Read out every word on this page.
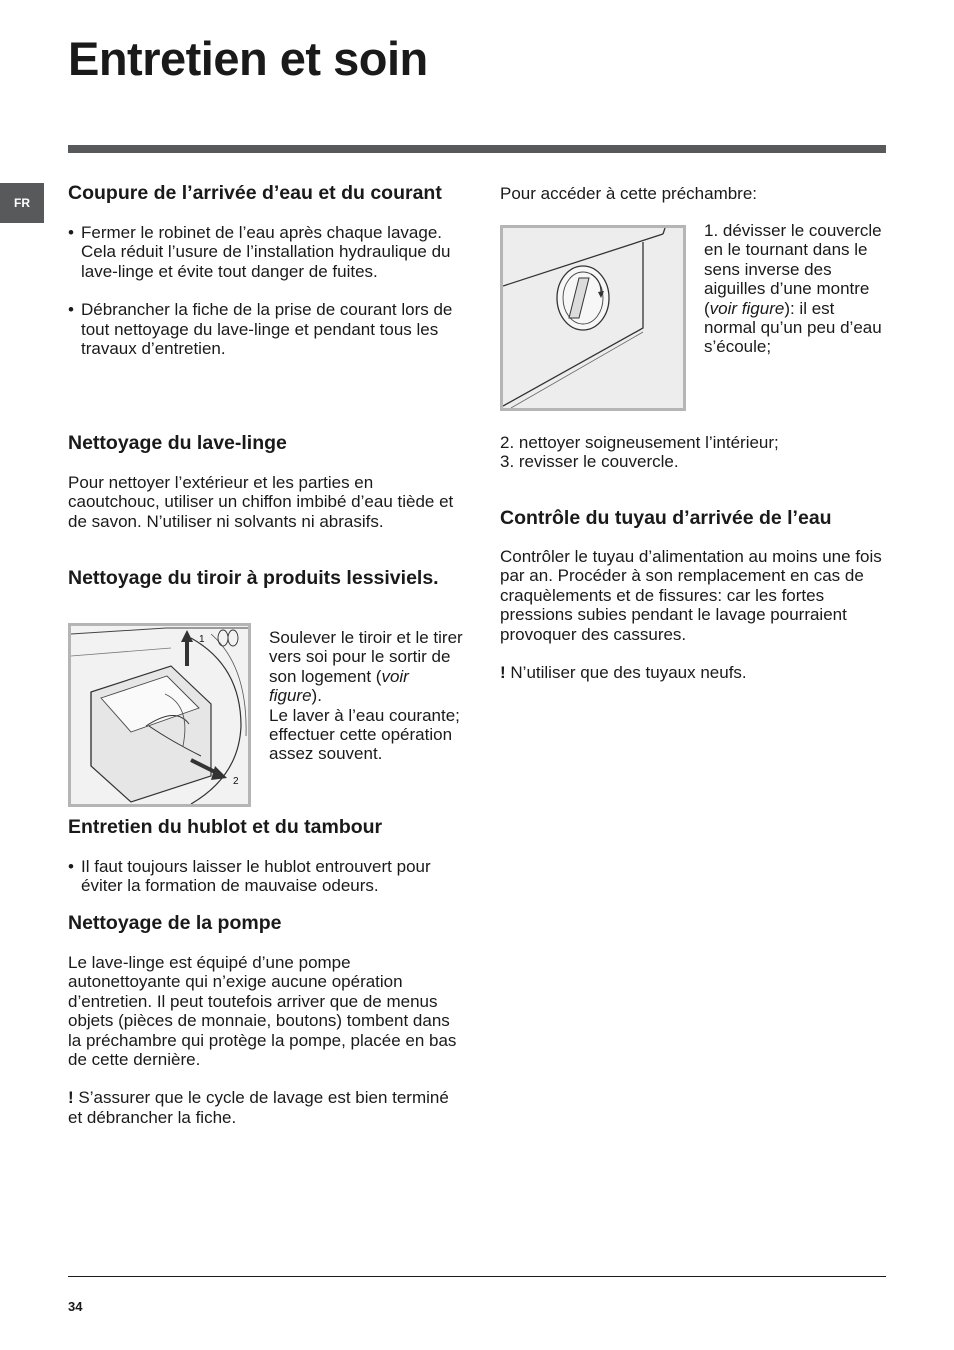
Entretien et soin
FR	Coupure de l’arrivée d’eau et du courant

• Fermer le robinet de l’eau après chaque lavage. Cela réduit l’usure de l’installation hydraulique du lave-linge et évite tout danger de fuites.

• Débrancher la fiche de la prise de courant lors de tout nettoyage du lave-linge et pendant tous les travaux d’entretien.

Nettoyage du lave-linge

Pour nettoyer l’extérieur et les parties en caoutchouc, utiliser un chiffon imbibé d’eau tiède et de savon. N’utiliser ni solvants ni abrasifs.

Nettoyage du tiroir à produits lessiviels.
1
2

Soulever le tiroir et le tirer vers soi pour le sortir de son logement (voir figure).

Le laver à l’eau courante; effectuer cette opération assez souvent.

Entretien du hublot et du tambour

• Il faut toujours laisser le hublot entrouvert pour éviter la formation de mauvaise odeurs.

Nettoyage de la pompe

Le lave-linge est équipé d’une pompe autonettoyante qui n’exige aucune opération d’entretien. Il peut toutefois arriver que de menus objets (pièces de monnaie, boutons) tombent dans la préchambre qui protège la pompe, placée en bas de cette dernière.

! S’assurer que le cycle de lavage est bien terminé et débrancher la fiche.

Pour accéder à cette préchambre:

1. dévisser le couvercle en le tournant dans le sens inverse des aiguilles d’une montre (voir figure): il est normal qu’un peu d’eau s’écoule;

2. nettoyer soigneusement l’intérieur;

3. revisser le couvercle.

Contrôle du tuyau d’arrivée de l’eau

Contrôler le tuyau d’alimentation au moins une fois par an. Procéder à son remplacement en cas de craquèlements et de fissures: car les fortes pressions subies pendant le lavage pourraient provoquer des cassures.

! N’utiliser que des tuyaux neufs.

34
